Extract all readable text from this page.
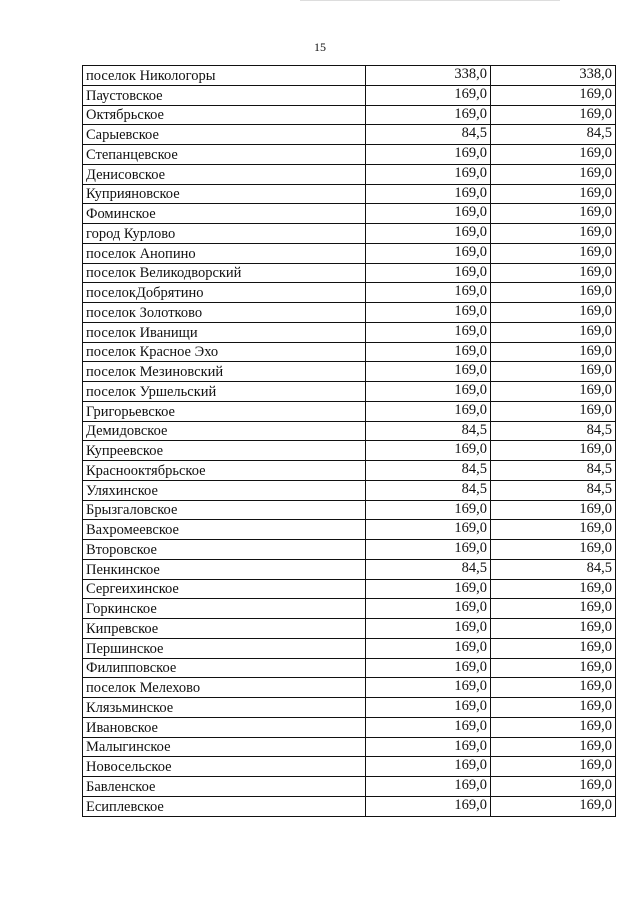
15
поселок Никологоры	338,0	338,0
Паустовское	169,0	169,0
Октябрьское	169,0	169,0
Сарыевское	84,5	84,5
Степанцевское	169,0	169,0
Денисовское	169,0	169,0
Куприяновское	169,0	169,0
Фоминское	169,0	169,0
город Курлово	169,0	169,0
поселок Анопино	169,0	169,0
поселок Великодворский	169,0	169,0
поселокДобрятино	169,0	169,0
поселок Золотково	169,0	169,0
поселок Иванищи	169,0	169,0
поселок Красное Эхо	169,0	169,0
поселок Мезиновский	169,0	169,0
поселок Уршельский	169,0	169,0
Григорьевское	169,0	169,0
Демидовское	84,5	84,5
Купреевское	169,0	169,0
Краснооктябрьское	84,5	84,5
Уляхинское	84,5	84,5
Брызгаловское	169,0	169,0
Вахромеевское	169,0	169,0
Второвское	169,0	169,0
Пенкинское	84,5	84,5
Сергеихинское	169,0	169,0
Горкинское	169,0	169,0
Кипревское	169,0	169,0
Першинское	169,0	169,0
Филипповское	169,0	169,0
поселок Мелехово	169,0	169,0
Клязьминское	169,0	169,0
Ивановское	169,0	169,0
Малыгинское	169,0	169,0
Новосельское	169,0	169,0
Бавленское	169,0	169,0
Есиплевское	169,0	169,0
